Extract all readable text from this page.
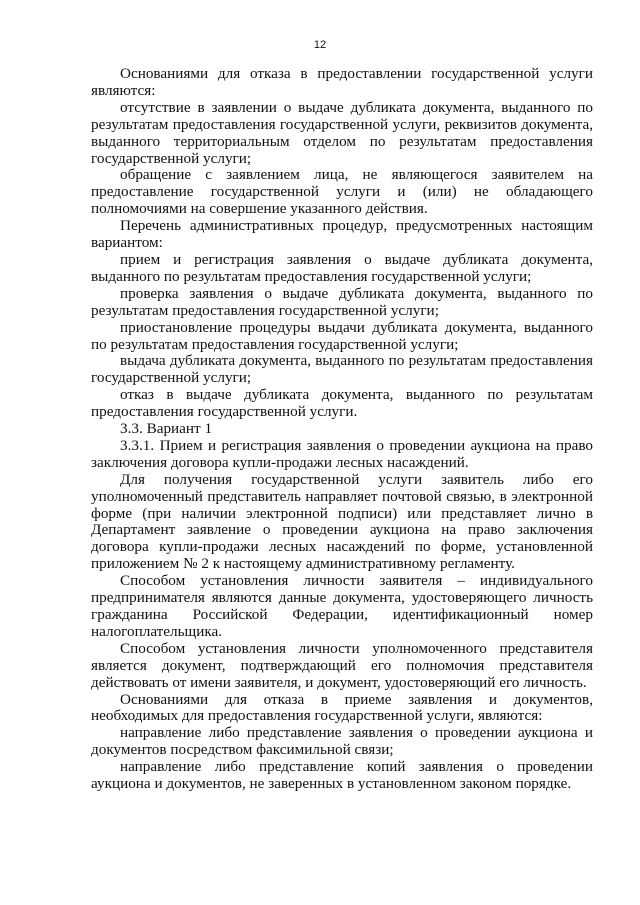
12

Основаниями для отказа в предоставлении государственной услуги являются:

отсутствие в заявлении о выдаче дубликата документа, выданного по результатам предоставления государственной услуги, реквизитов документа, выданного территориальным отделом по результатам предоставления государственной услуги;

обращение с заявлением лица, не являющегося заявителем на предоставление государственной услуги и (или) не обладающего полномочиями на совершение указанного действия.

Перечень административных процедур, предусмотренных настоящим вариантом:

прием и регистрация заявления о выдаче дубликата документа, выданного по результатам предоставления государственной услуги;

проверка заявления о выдаче дубликата документа, выданного по результатам предоставления государственной услуги;

приостановление процедуры выдачи дубликата документа, выданного по результатам предоставления государственной услуги;

выдача дубликата документа, выданного по результатам предоставления государственной услуги;

отказ в выдаче дубликата документа, выданного по результатам предоставления государственной услуги.

3.3. Вариант 1

3.3.1. Прием и регистрация заявления о проведении аукциона на право заключения договора купли-продажи лесных насаждений.

Для получения государственной услуги заявитель либо его уполномоченный представитель направляет почтовой связью, в электронной форме (при наличии электронной подписи) или представляет лично в Департамент заявление о проведении аукциона на право заключения договора купли-продажи лесных насаждений по форме, установленной приложением № 2 к настоящему административному регламенту.

Способом установления личности заявителя – индивидуального предпринимателя являются данные документа, удостоверяющего личность гражданина Российской Федерации, идентификационный номер налогоплательщика.

Способом установления личности уполномоченного представителя является документ, подтверждающий его полномочия представителя действовать от имени заявителя, и документ, удостоверяющий его личность.

Основаниями для отказа в приеме заявления и документов, необходимых для предоставления государственной услуги, являются:

направление либо представление заявления о проведении аукциона и документов посредством факсимильной связи;

направление либо представление копий заявления о проведении аукциона и документов, не заверенных в установленном законом порядке.
